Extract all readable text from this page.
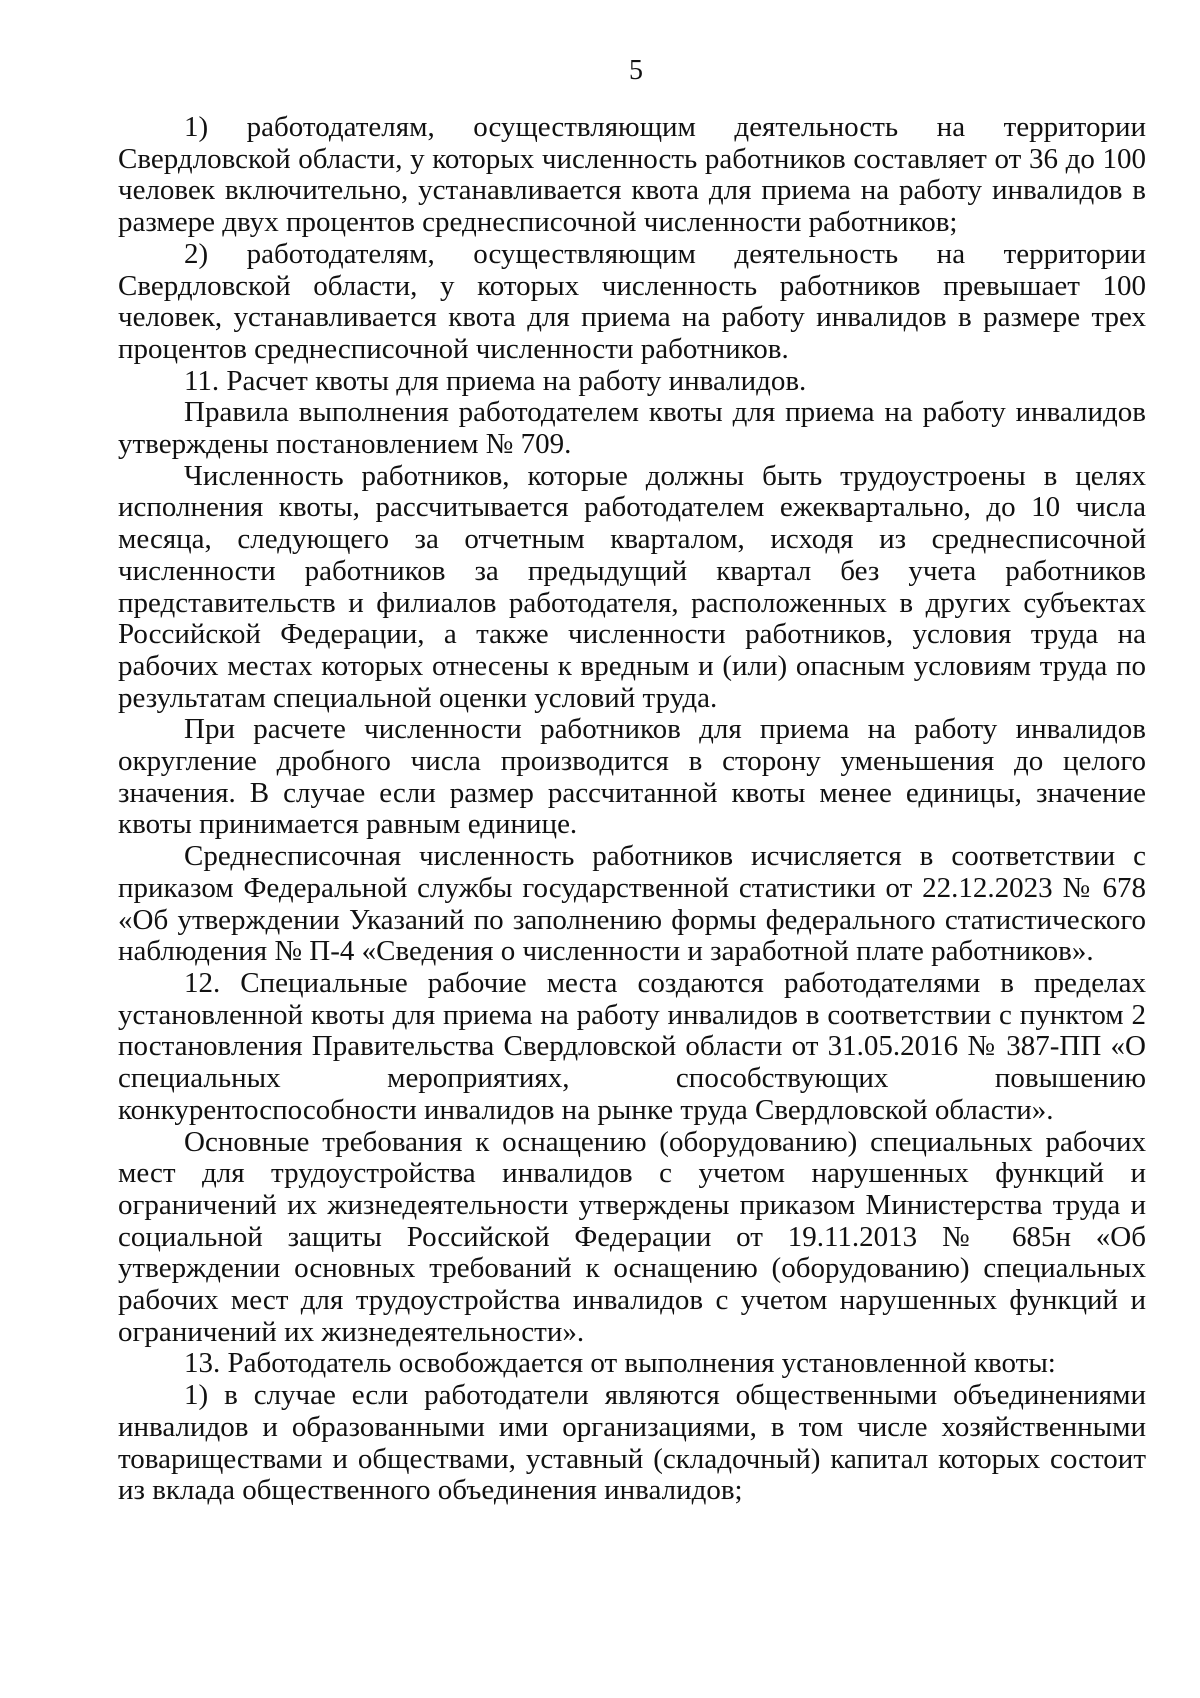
5

1) работодателям, осуществляющим деятельность на территории Свердловской области, у которых численность работников составляет от 36 до 100 человек включительно, устанавливается квота для приема на работу инвалидов в размере двух процентов среднесписочной численности работников;

2) работодателям, осуществляющим деятельность на территории Свердловской области, у которых численность работников превышает 100 человек, устанавливается квота для приема на работу инвалидов в размере трех процентов среднесписочной численности работников.

11. Расчет квоты для приема на работу инвалидов.

Правила выполнения работодателем квоты для приема на работу инвалидов утверждены постановлением № 709.

Численность работников, которые должны быть трудоустроены в целях исполнения квоты, рассчитывается работодателем ежеквартально, до 10 числа месяца, следующего за отчетным кварталом, исходя из среднесписочной численности работников за предыдущий квартал без учета работников представительств и филиалов работодателя, расположенных в других субъектах Российской Федерации, а также численности работников, условия труда на рабочих местах которых отнесены к вредным и (или) опасным условиям труда по результатам специальной оценки условий труда.

При расчете численности работников для приема на работу инвалидов округление дробного числа производится в сторону уменьшения до целого значения. В случае если размер рассчитанной квоты менее единицы, значение квоты принимается равным единице.

Среднесписочная численность работников исчисляется в соответствии с приказом Федеральной службы государственной статистики от 22.12.2023 № 678 «Об утверждении Указаний по заполнению формы федерального статистического наблюдения № П-4 «Сведения о численности и заработной плате работников».

12. Специальные рабочие места создаются работодателями в пределах установленной квоты для приема на работу инвалидов в соответствии с пунктом 2 постановления Правительства Свердловской области от 31.05.2016 № 387-ПП «О специальных мероприятиях, способствующих повышению конкурентоспособности инвалидов на рынке труда Свердловской области».

Основные требования к оснащению (оборудованию) специальных рабочих мест для трудоустройства инвалидов с учетом нарушенных функций и ограничений их жизнедеятельности утверждены приказом Министерства труда и социальной защиты Российской Федерации от 19.11.2013 № 685н «Об утверждении основных требований к оснащению (оборудованию) специальных рабочих мест для трудоустройства инвалидов с учетом нарушенных функций и ограничений их жизнедеятельности».

13. Работодатель освобождается от выполнения установленной квоты:

1) в случае если работодатели являются общественными объединениями инвалидов и образованными ими организациями, в том числе хозяйственными товариществами и обществами, уставный (складочный) капитал которых состоит из вклада общественного объединения инвалидов;
